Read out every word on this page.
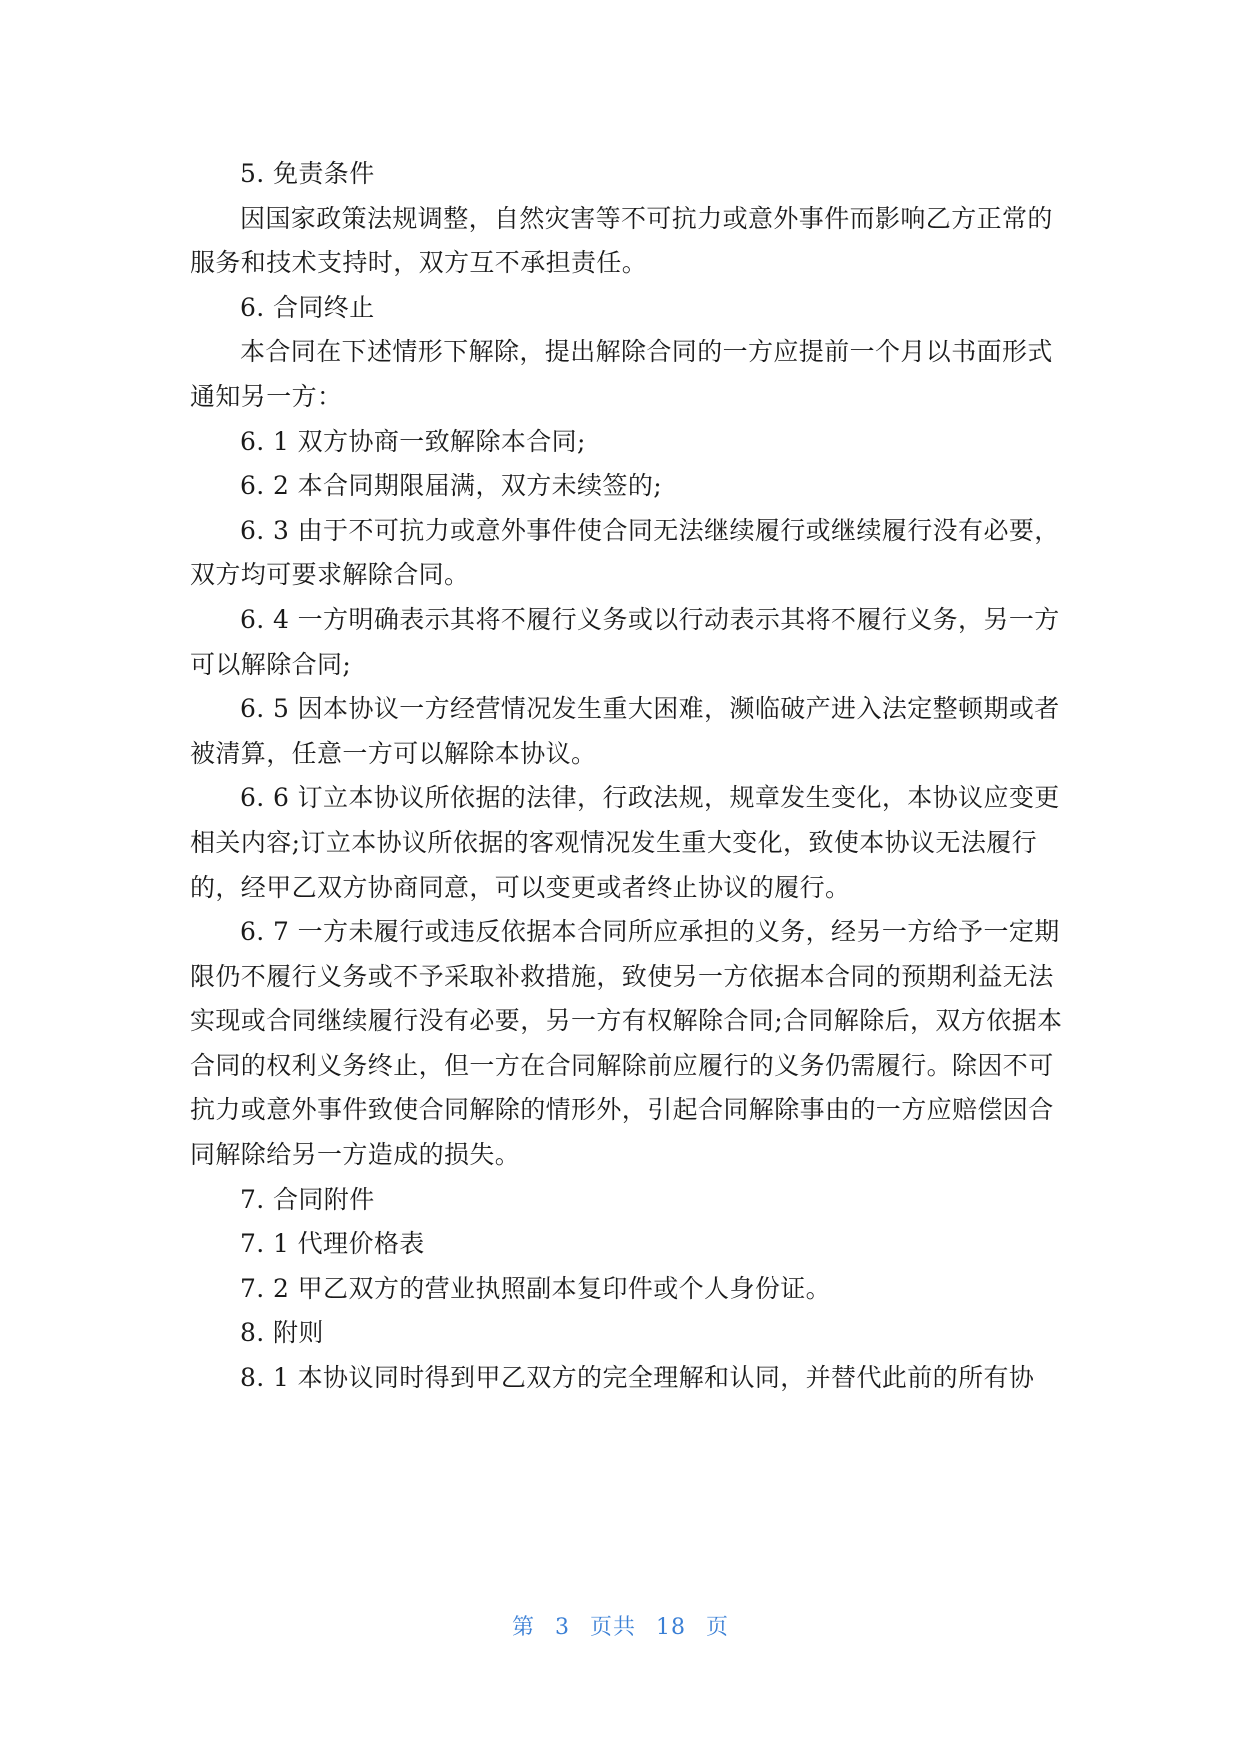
5. 免责条件

因国家政策法规调整，自然灾害等不可抗力或意外事件而影响乙方正常的

服务和技术支持时，双方互不承担责任。

6. 合同终止

本合同在下述情形下解除，提出解除合同的一方应提前一个月以书面形式

通知另一方：

6. 1 双方协商一致解除本合同;

6. 2 本合同期限届满，双方未续签的;

6. 3 由于不可抗力或意外事件使合同无法继续履行或继续履行没有必要，

双方均可要求解除合同。

6. 4 一方明确表示其将不履行义务或以行动表示其将不履行义务，另一方

可以解除合同;

6. 5 因本协议一方经营情况发生重大困难，濒临破产进入法定整顿期或者

被清算，任意一方可以解除本协议。

6. 6 订立本协议所依据的法律，行政法规，规章发生变化，本协议应变更

相关内容;订立本协议所依据的客观情况发生重大变化，致使本协议无法履行

的，经甲乙双方协商同意，可以变更或者终止协议的履行。

6. 7 一方未履行或违反依据本合同所应承担的义务，经另一方给予一定期

限仍不履行义务或不予采取补救措施，致使另一方依据本合同的预期利益无法

实现或合同继续履行没有必要，另一方有权解除合同;合同解除后，双方依据本

合同的权利义务终止，但一方在合同解除前应履行的义务仍需履行。除因不可

抗力或意外事件致使合同解除的情形外，引起合同解除事由的一方应赔偿因合

同解除给另一方造成的损失。

7. 合同附件

7. 1 代理价格表

7. 2 甲乙双方的营业执照副本复印件或个人身份证。

8. 附则

8. 1 本协议同时得到甲乙双方的完全理解和认同，并替代此前的所有协

第 3 页共 18 页
